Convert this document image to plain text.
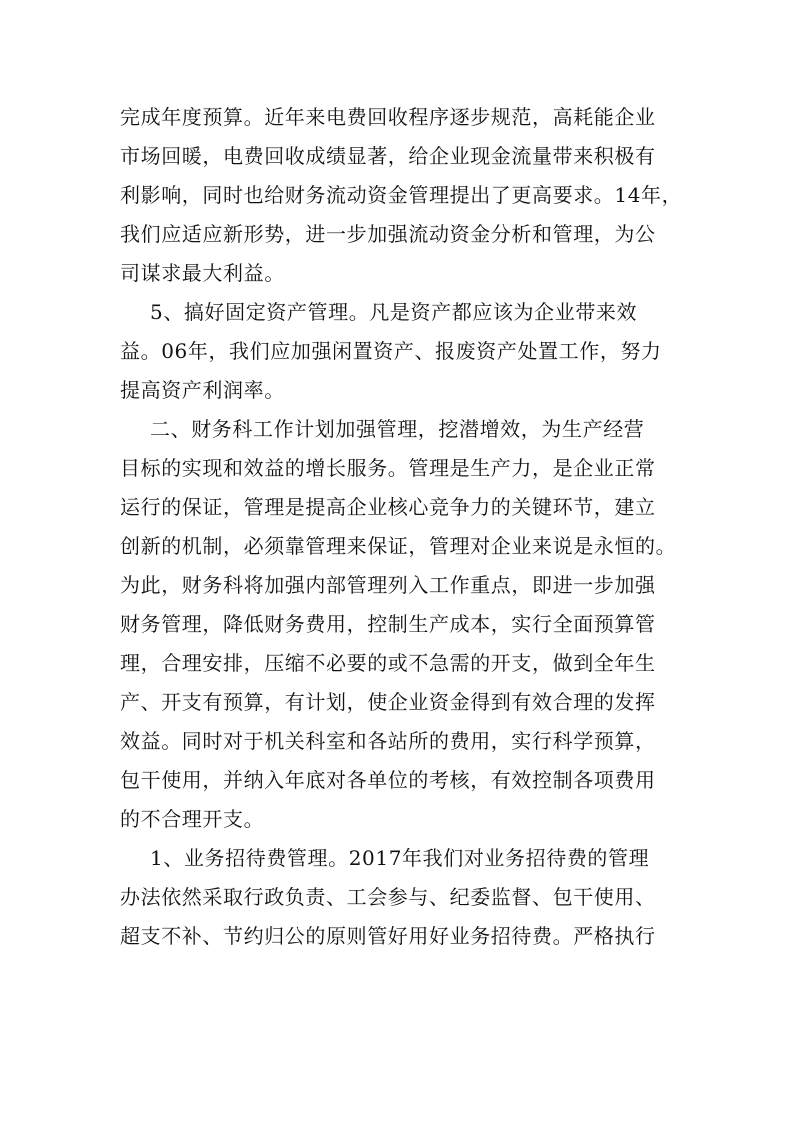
完成年度预算。近年来电费回收程序逐步规范，高耗能企业
市场回暖，电费回收成绩显著，给企业现金流量带来积极有
利影响，同时也给财务流动资金管理提出了更高要求。14年，
我们应适应新形势，进一步加强流动资金分析和管理，为公
司谋求最大利益。
5、搞好固定资产管理。凡是资产都应该为企业带来效
益。06年，我们应加强闲置资产、报废资产处置工作，努力
提高资产利润率。
二、财务科工作计划加强管理，挖潜增效，为生产经营
目标的实现和效益的增长服务。管理是生产力，是企业正常
运行的保证，管理是提高企业核心竞争力的关键环节，建立
创新的机制，必须靠管理来保证，管理对企业来说是永恒的。
为此，财务科将加强内部管理列入工作重点，即进一步加强
财务管理，降低财务费用，控制生产成本，实行全面预算管
理，合理安排，压缩不必要的或不急需的开支，做到全年生
产、开支有预算，有计划，使企业资金得到有效合理的发挥
效益。同时对于机关科室和各站所的费用，实行科学预算，
包干使用，并纳入年底对各单位的考核，有效控制各项费用
的不合理开支。
1、业务招待费管理。2017年我们对业务招待费的管理
办法依然采取行政负责、工会参与、纪委监督、包干使用、
超支不补、节约归公的原则管好用好业务招待费。严格执行
